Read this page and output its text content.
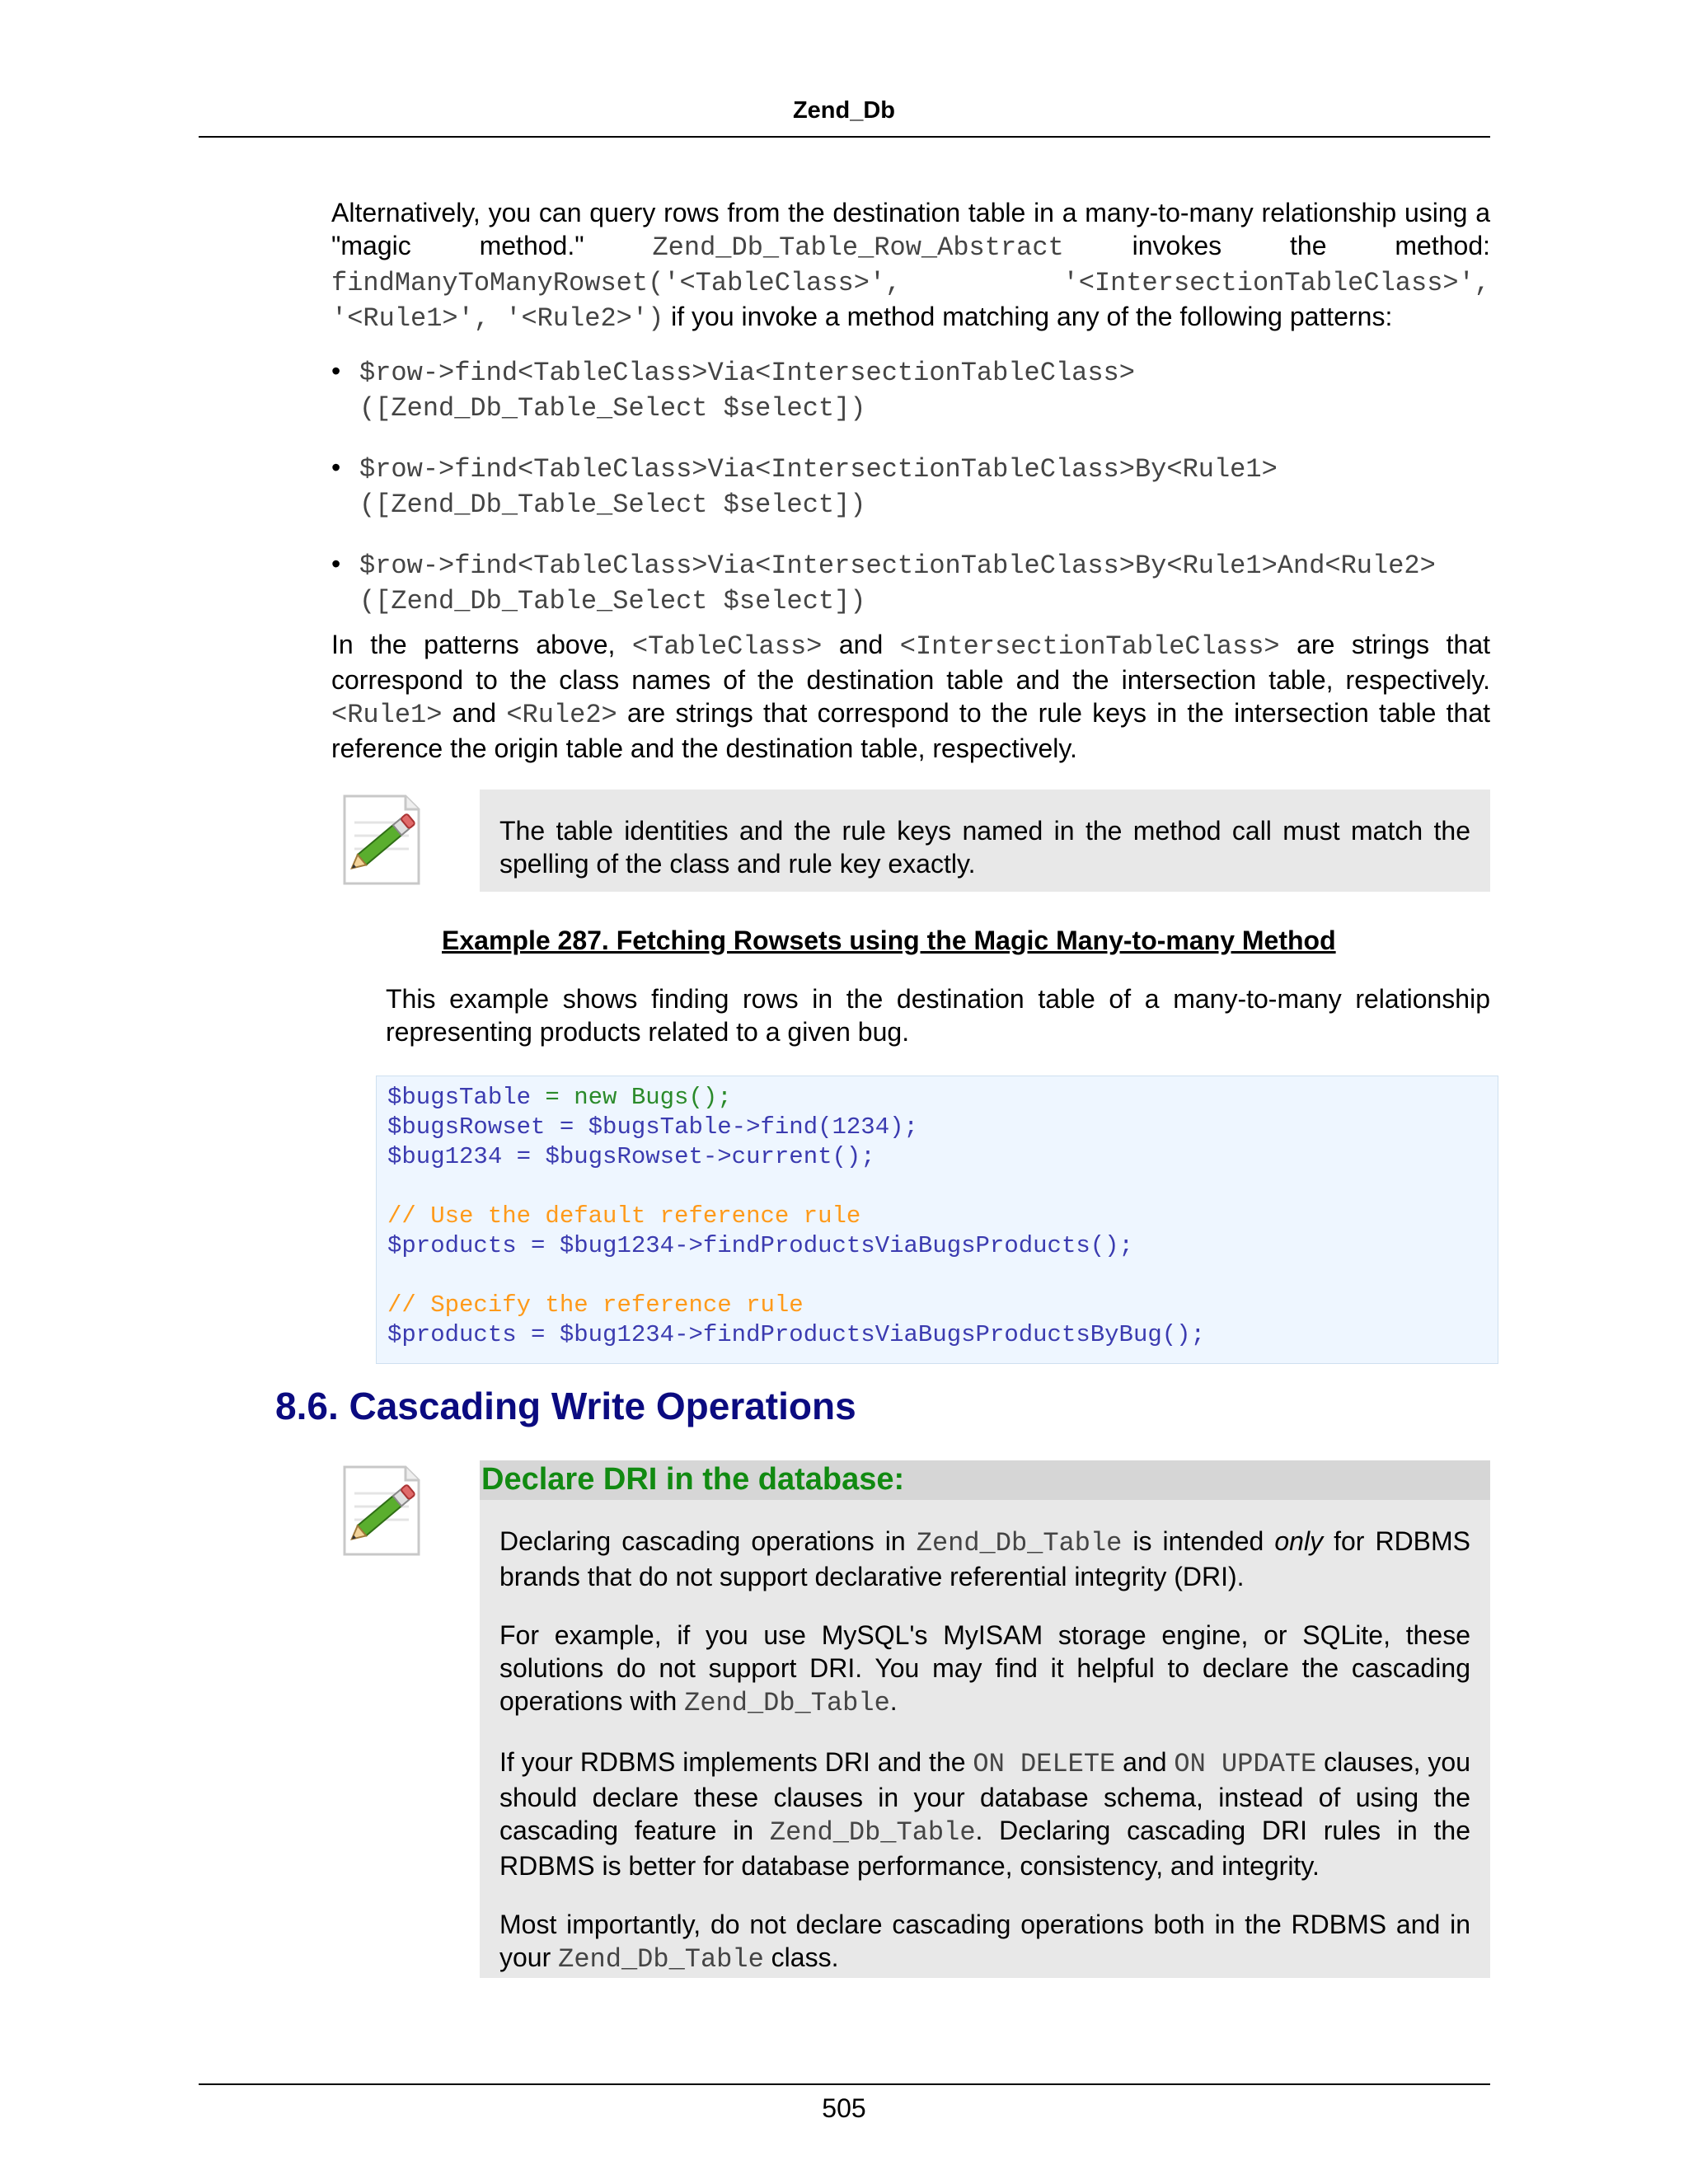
Zend_Db
Alternatively, you can query rows from the destination table in a many-to-many relationship using a "magic method." Zend_Db_Table_Row_Abstract invokes the method: findManyToManyRowset('<TableClass>', '<IntersectionTableClass>', '<Rule1>', '<Rule2>') if you invoke a method matching any of the following patterns:
• $row->find<TableClass>Via<IntersectionTableClass>
([Zend_Db_Table_Select $select])
• $row->find<TableClass>Via<IntersectionTableClass>By<Rule1>
([Zend_Db_Table_Select $select])
• $row->find<TableClass>Via<IntersectionTableClass>By<Rule1>And<Rule2>
([Zend_Db_Table_Select $select])
In the patterns above, <TableClass> and <IntersectionTableClass> are strings that correspond to the class names of the destination table and the intersection table, respectively. <Rule1> and <Rule2> are strings that correspond to the rule keys in the intersection table that reference the origin table and the destination table, respectively.
The table identities and the rule keys named in the method call must match the spelling of the class and rule key exactly.
Example 287. Fetching Rowsets using the Magic Many-to-many Method
This example shows finding rows in the destination table of a many-to-many relationship representing products related to a given bug.
$bugsTable = new Bugs();
$bugsRowset = $bugsTable->find(1234);
$bug1234 = $bugsRowset->current();
// Use the default reference rule
$products = $bug1234->findProductsViaBugsProducts();
// Specify the reference rule
$products = $bug1234->findProductsViaBugsProductsByBug();
8.6. Cascading Write Operations
Declare DRI in the database:

Declaring cascading operations in Zend_Db_Table is intended only for RDBMS brands that do not support declarative referential integrity (DRI).

For example, if you use MySQL's MyISAM storage engine, or SQLite, these solutions do not support DRI. You may find it helpful to declare the cascading operations with Zend_Db_Table.

If your RDBMS implements DRI and the ON DELETE and ON UPDATE clauses, you should declare these clauses in your database schema, instead of using the cascading feature in Zend_Db_Table. Declaring cascading DRI rules in the RDBMS is better for database performance, consistency, and integrity.

Most importantly, do not declare cascading operations both in the RDBMS and in your Zend_Db_Table class.

505
